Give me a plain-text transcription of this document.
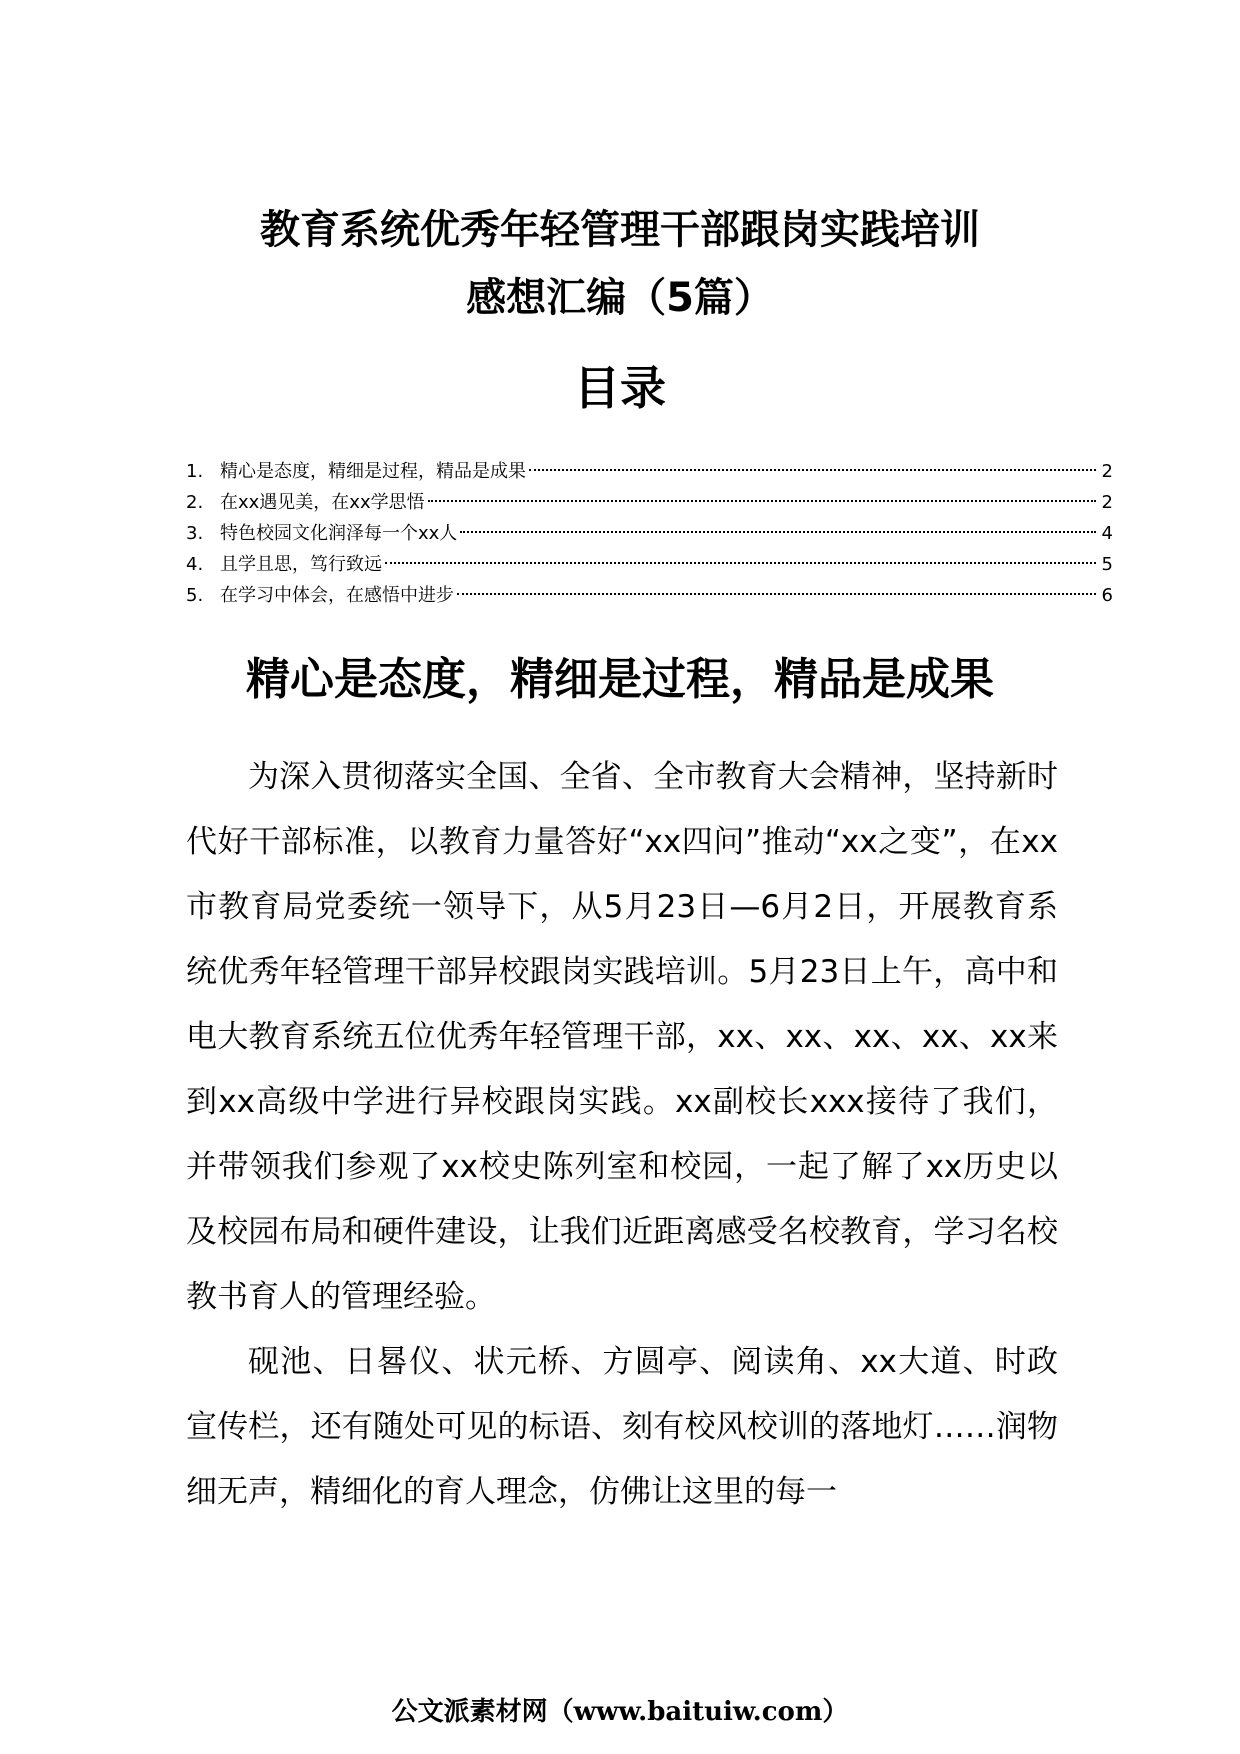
教育系统优秀年轻管理干部跟岗实践培训
感想汇编（5篇）
目录
1. 精心是态度，精细是过程，精品是成果	2
2. 在xx遇见美，在xx学思悟	2
3. 特色校园文化润泽每一个xx人	4
4. 且学且思，笃行致远	5
5. 在学习中体会，在感悟中进步	6
精心是态度，精细是过程，精品是成果

为深入贯彻落实全国、全省、全市教育大会精神，坚持新时代好干部标准，以教育力量答好“xx四问”推动“xx之变”，在xx市教育局党委统一领导下，从5月23日—6月2日，开展教育系统优秀年轻管理干部异校跟岗实践培训。5月23日上午，高中和电大教育系统五位优秀年轻管理干部，xx、xx、xx、xx、xx来到xx高级中学进行异校跟岗实践。xx副校长xxx接待了我们，并带领我们参观了xx校史陈列室和校园，一起了解了xx历史以及校园布局和硬件建设，让我们近距离感受名校教育，学习名校教书育人的管理经验。

砚池、日晷仪、状元桥、方圆亭、阅读角、xx大道、时政宣传栏，还有随处可见的标语、刻有校风校训的落地灯……润物细无声，精细化的育人理念，仿佛让这里的每一

公文派素材网（www.baituiw.com）
